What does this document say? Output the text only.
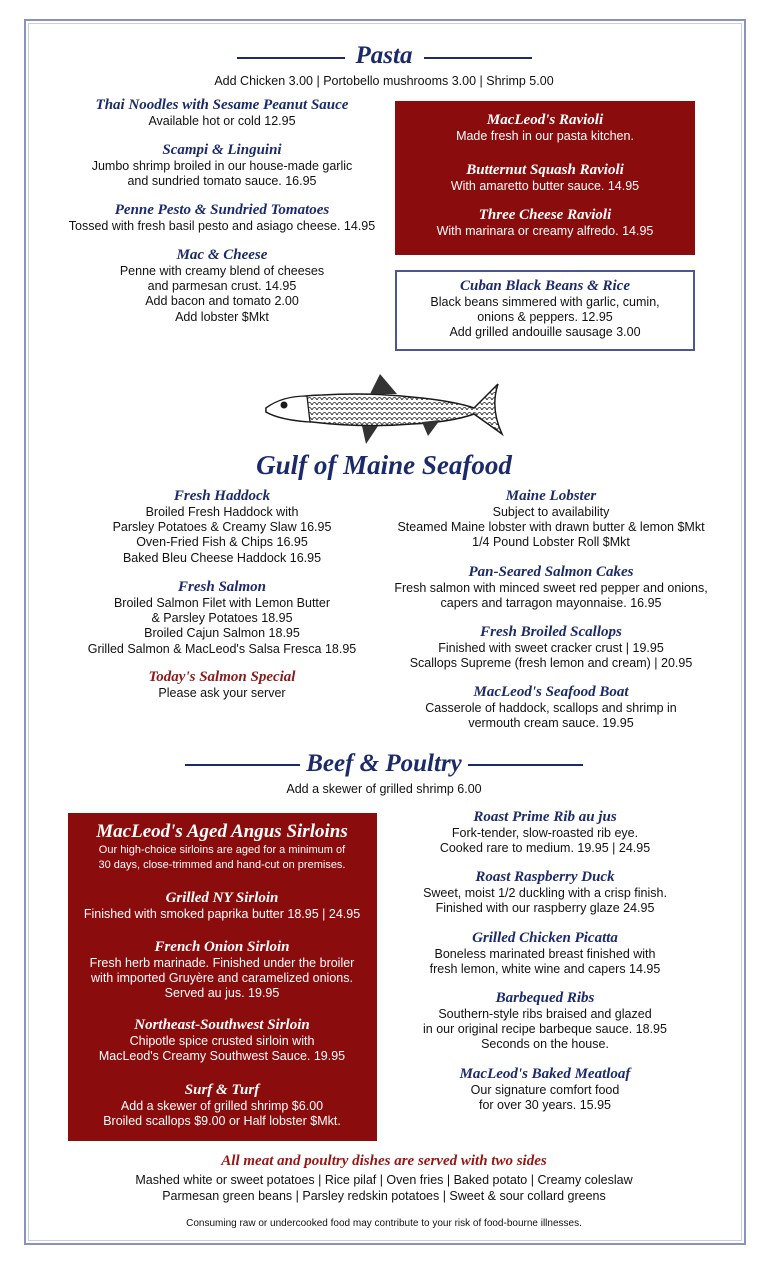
Pasta
Add Chicken 3.00 | Portobello mushrooms 3.00 | Shrimp 5.00
Thai Noodles with Sesame Peanut Sauce
Available hot or cold 12.95
Scampi & Linguini
Jumbo shrimp broiled in our house-made garlic
and sundried tomato sauce. 16.95
Penne Pesto & Sundried Tomatoes
Tossed with fresh basil pesto and asiago cheese. 14.95
Mac & Cheese
Penne with creamy blend of cheeses
and parmesan crust. 14.95
Add bacon and tomato 2.00
Add lobster $Mkt
MacLeod's Ravioli
Made fresh in our pasta kitchen.
Butternut Squash Ravioli
With amaretto butter sauce. 14.95
Three Cheese Ravioli
With marinara or creamy alfredo. 14.95
Cuban Black Beans & Rice
Black beans simmered with garlic, cumin,
onions & peppers. 12.95
Add grilled andouille sausage 3.00
Gulf of Maine Seafood
Fresh Haddock
Broiled Fresh Haddock with
Parsley Potatoes & Creamy Slaw 16.95
Oven-Fried Fish & Chips 16.95
Baked Bleu Cheese Haddock 16.95
Fresh Salmon
Broiled Salmon Filet with Lemon Butter
& Parsley Potatoes 18.95
Broiled Cajun Salmon 18.95
Grilled Salmon & MacLeod's Salsa Fresca 18.95
Today's Salmon Special
Please ask your server
Maine Lobster
Subject to availability
Steamed Maine lobster with drawn butter & lemon $Mkt
1/4 Pound Lobster Roll $Mkt
Pan-Seared Salmon Cakes
Fresh salmon with minced sweet red pepper and onions,
capers and tarragon mayonnaise. 16.95
Fresh Broiled Scallops
Finished with sweet cracker crust | 19.95
Scallops Supreme (fresh lemon and cream) | 20.95
MacLeod's Seafood Boat
Casserole of haddock, scallops and shrimp in
vermouth cream sauce. 19.95
Beef & Poultry
Add a skewer of grilled shrimp 6.00
MacLeod's Aged Angus Sirloins
Our high-choice sirloins are aged for a minimum of
30 days, close-trimmed and hand-cut on premises.
Grilled NY Sirloin
Finished with smoked paprika butter 18.95 | 24.95
French Onion Sirloin
Fresh herb marinade. Finished under the broiler
with imported Gruyère and caramelized onions.
Served au jus. 19.95
Northeast-Southwest Sirloin
Chipotle spice crusted sirloin with
MacLeod's Creamy Southwest Sauce. 19.95
Surf & Turf
Add a skewer of grilled shrimp $6.00
Broiled scallops $9.00 or Half lobster $Mkt.
Roast Prime Rib au jus
Fork-tender, slow-roasted rib eye.
Cooked rare to medium. 19.95 | 24.95
Roast Raspberry Duck
Sweet, moist 1/2 duckling with a crisp finish.
Finished with our raspberry glaze 24.95
Grilled Chicken Picatta
Boneless marinated breast finished with
fresh lemon, white wine and capers 14.95
Barbequed Ribs
Southern-style ribs braised and glazed
in our original recipe barbeque sauce. 18.95
Seconds on the house.
MacLeod's Baked Meatloaf
Our signature comfort food
for over 30 years. 15.95
All meat and poultry dishes are served with two sides
Mashed white or sweet potatoes | Rice pilaf | Oven fries | Baked potato | Creamy coleslaw
Parmesan green beans | Parsley redskin potatoes | Sweet & sour collard greens
Consuming raw or undercooked food may contribute to your risk of food-bourne illnesses.
